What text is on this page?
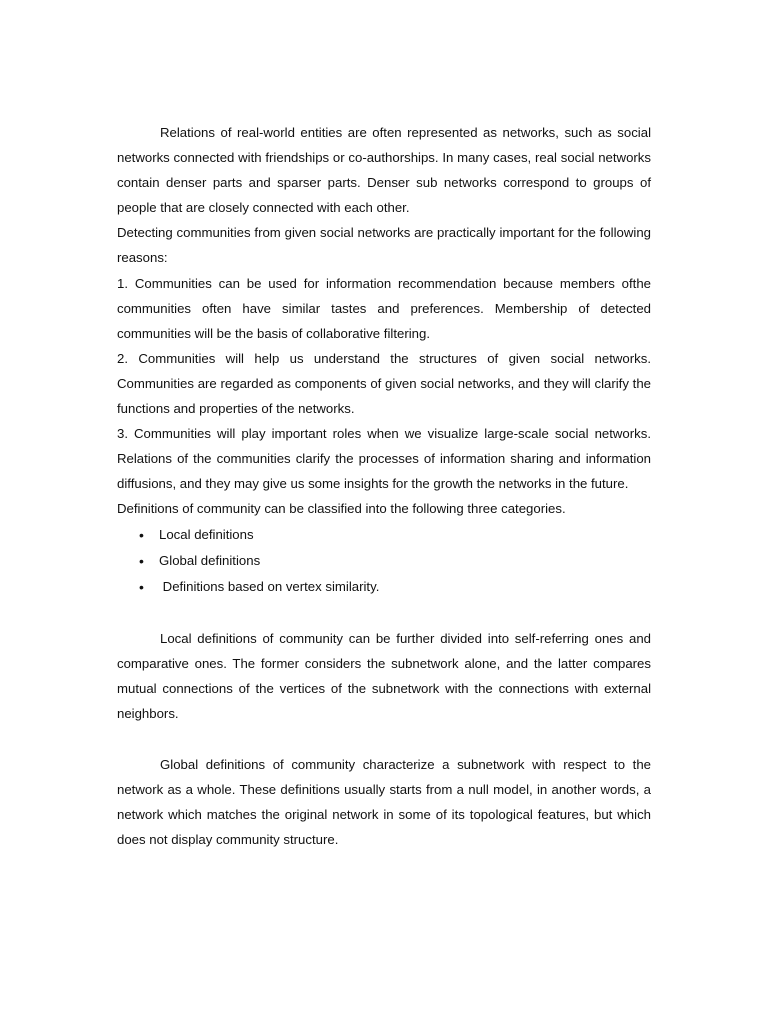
Relations of real-world entities are often represented as networks, such as social networks connected with friendships or co-authorships. In many cases, real social networks contain denser parts and sparser parts. Denser sub networks correspond to groups of people that are closely connected with each other.

Detecting communities from given social networks are practically important for the following reasons:

1. Communities can be used for information recommendation because members ofthe communities often have similar tastes and preferences. Membership of detected communities will be the basis of collaborative filtering.

2. Communities will help us understand the structures of given social networks. Communities are regarded as components of given social networks, and they will clarify the functions and properties of the networks.

3. Communities will play important roles when we visualize large-scale social networks. Relations of the communities clarify the processes of information sharing and information diffusions, and they may give us some insights for the growth the networks in the future.

Definitions of community can be classified into the following three categories.

• Local definitions
• Global definitions
•  Definitions based on vertex similarity.

Local definitions of community can be further divided into self-referring ones and comparative ones. The former considers the subnetwork alone, and the latter compares mutual connections of the vertices of the subnetwork with the connections with external neighbors.

Global definitions of community characterize a subnetwork with respect to the network as a whole. These definitions usually starts from a null model, in another words, a network which matches the original network in some of its topological features, but which does not display community structure.
